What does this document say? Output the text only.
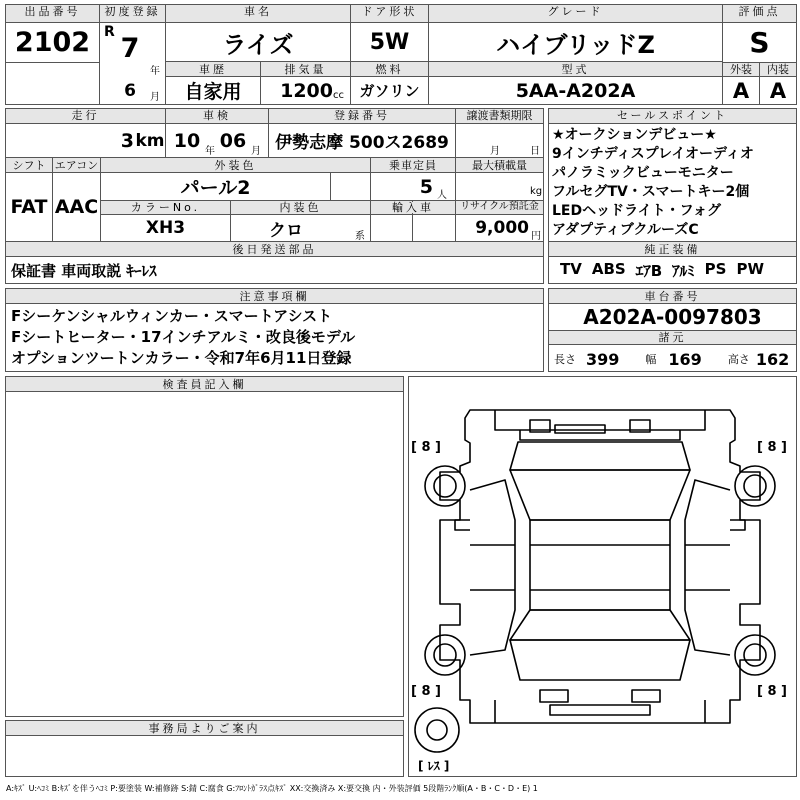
出品番号
2102
初度登録
R
7
年
6	月
車名
ライズ
ドア形状
5W
グレード
ハイブリッドZ
評価点
S
車歴
自家用
排気量
1200 cc
燃料
ガソリン
型式
5AA-A202A
外装
A
内装
A
走行
3 km
車検
10 年 06 月
登録番号
伊勢志摩 500ス2689
譲渡書類期限
月	日
シフト
FAT
エアコン
AAC
外装色
パール2
乗車定員
5 人
最大積載量
kg
カラーNo.
XH3
内装色
クロ	系
輸入車	リサイクル預託金
9,000 円
後日発送部品
保証書 車両取説 ｷｰﾚｽ
セールスポイント
★オークションデビュー★
9インチディスプレイオーディオ
パノラミックビューモニター
フルセグTV・スマートキー2個
LEDヘッドライト・フォグ
アダプティブクルーズC
純正装備
TV ABS ｴｱB ｱﾙﾐ PS PW
注意事項欄
Fシーケンシャルウィンカー・スマートアシスト
Fシートヒーター・17インチアルミ・改良後モデル
オプションツートンカラー・令和7年6月11日登録
車台番号
A202A-0097803
諸元
長さ 399 幅 169 高さ 162
検査員記入欄
事務局よりご案内
[ 8 ]	[ 8 ]
[ 8 ]	[ 8 ]
[ ﾚｽ ]
A:ｷｽﾞ U:ﾍｺﾐ B:ｷｽﾞを伴うﾍｺﾐ P:要塗装 W:補修跡 S:錆 C:腐食 G:ﾌﾛﾝﾄｶﾞﾗｽ点ｷｽﾞ XX:交換済み X:要交換 内・外装評価 5段階ﾗﾝｸ順(A・B・C・D・E) 1
